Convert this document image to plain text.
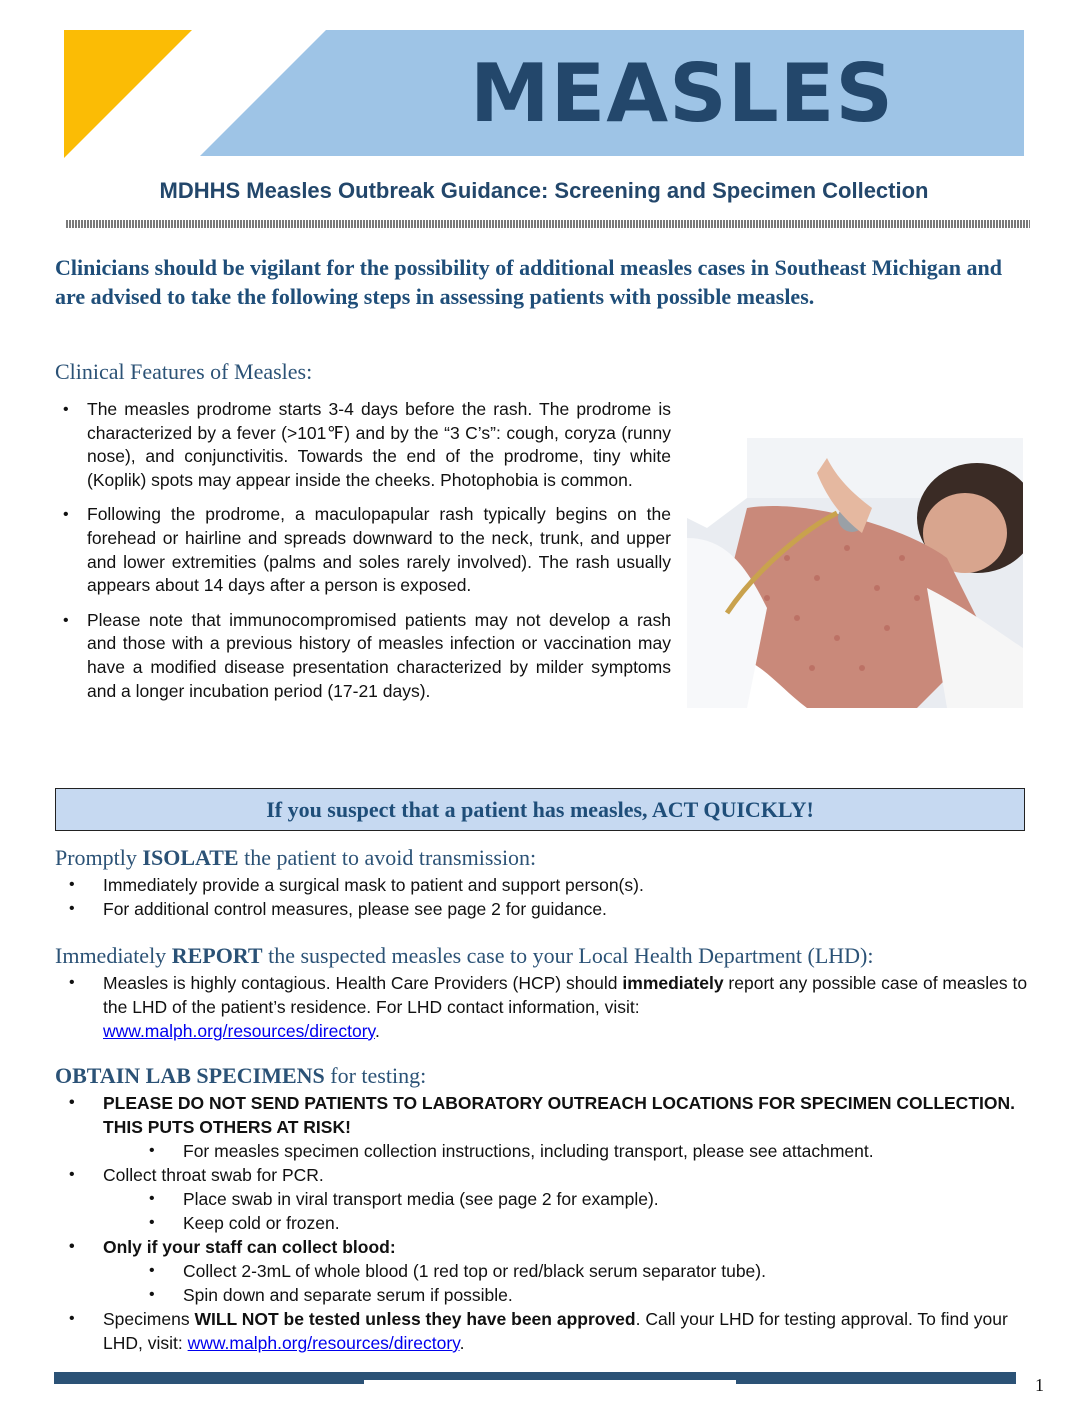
MEASLES
MDHHS Measles Outbreak Guidance: Screening and Specimen Collection
Clinicians should be vigilant for the possibility of additional measles cases in Southeast Michigan and are advised to take the following steps in assessing patients with possible measles.
Clinical Features of Measles:
• The measles prodrome starts 3-4 days before the rash. The prodrome is characterized by a fever (>101℉) and by the “3 C’s”: cough, coryza (runny nose), and conjunctivitis. Towards the end of the prodrome, tiny white (Koplik) spots may appear inside the cheeks. Photophobia is common.
• Following the prodrome, a maculopapular rash typically begins on the forehead or hairline and spreads downward to the neck, trunk, and upper and lower extremities (palms and soles rarely involved). The rash usually appears about 14 days after a person is exposed.
• Please note that immunocompromised patients may not develop a rash and those with a previous history of measles infection or vaccination may have a modified disease presentation characterized by milder symptoms and a longer incubation period (17-21 days).
If you suspect that a patient has measles, ACT QUICKLY!
Promptly ISOLATE the patient to avoid transmission:
• Immediately provide a surgical mask to patient and support person(s).
• For additional control measures, please see page 2 for guidance.
Immediately REPORT the suspected measles case to your Local Health Department (LHD):
• Measles is highly contagious. Health Care Providers (HCP) should immediately report any possible case of measles to the LHD of the patient’s residence. For LHD contact information, visit:
www.malph.org/resources/directory.
OBTAIN LAB SPECIMENS for testing:
• PLEASE DO NOT SEND PATIENTS TO LABORATORY OUTREACH LOCATIONS FOR SPECIMEN COLLECTION. THIS PUTS OTHERS AT RISK!
• For measles specimen collection instructions, including transport, please see attachment.
• Collect throat swab for PCR.
• Place swab in viral transport media (see page 2 for example).
• Keep cold or frozen.
• Only if your staff can collect blood:
• Collect 2-3mL of whole blood (1 red top or red/black serum separator tube).
• Spin down and separate serum if possible.
• Specimens WILL NOT be tested unless they have been approved. Call your LHD for testing approval. To find your LHD, visit: www.malph.org/resources/directory.
1
